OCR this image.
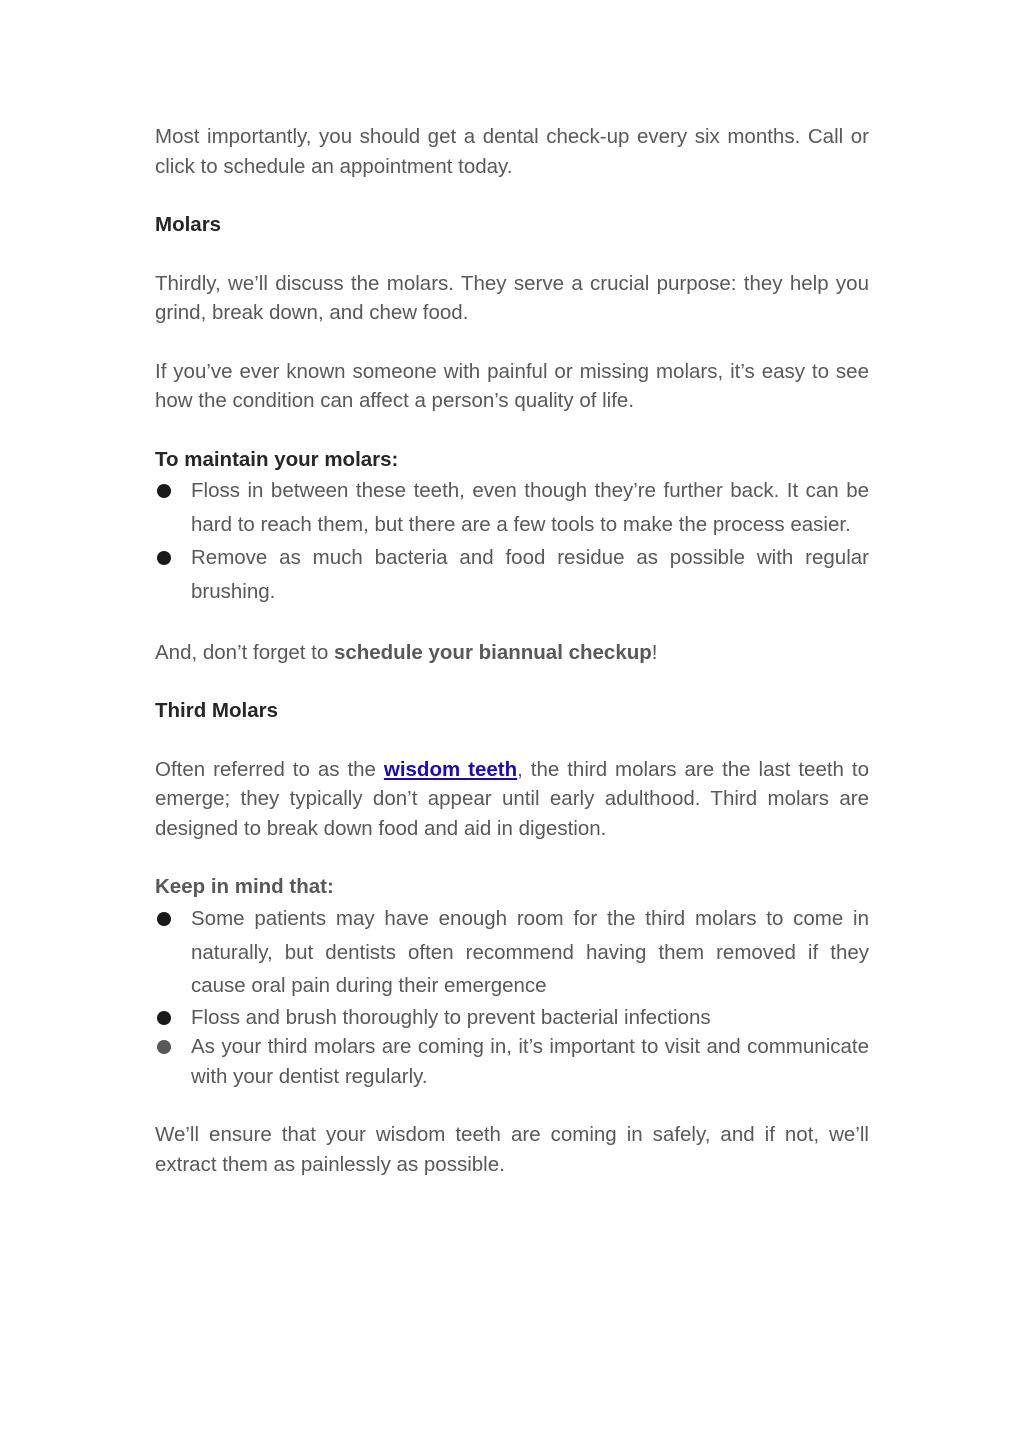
Most importantly, you should get a dental check-up every six months. Call or click to schedule an appointment today.

Molars

Thirdly, we’ll discuss the molars. They serve a crucial purpose: they help you grind, break down, and chew food.

If you’ve ever known someone with painful or missing molars, it’s easy to see how the condition can affect a person’s quality of life.

To maintain your molars:

Floss in between these teeth, even though they’re further back. It can be hard to reach them, but there are a few tools to make the process easier.
Remove as much bacteria and food residue as possible with regular brushing.

And, don’t forget to schedule your biannual checkup!

Third Molars

Often referred to as the wisdom teeth, the third molars are the last teeth to emerge; they typically don’t appear until early adulthood. Third molars are designed to break down food and aid in digestion.

Keep in mind that:

Some patients may have enough room for the third molars to come in naturally, but dentists often recommend having them removed if they cause oral pain during their emergence
Floss and brush thoroughly to prevent bacterial infections
As your third molars are coming in, it’s important to visit and communicate with your dentist regularly.

We’ll ensure that your wisdom teeth are coming in safely, and if not, we’ll extract them as painlessly as possible.
